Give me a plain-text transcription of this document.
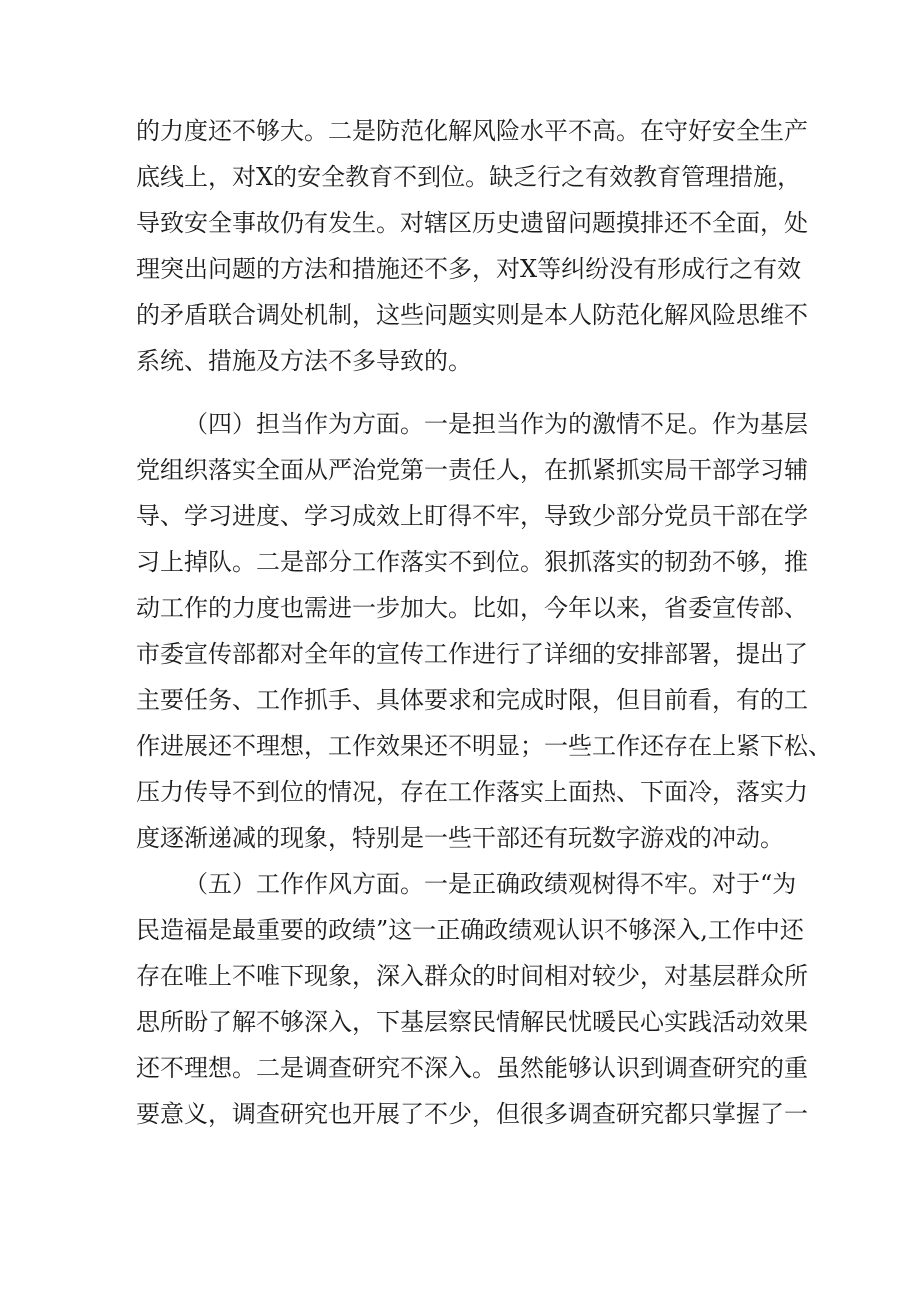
的力度还不够大。二是防范化解风险水平不高。在守好安全生产
底线上，对X的安全教育不到位。缺乏行之有效教育管理措施，
导致安全事故仍有发生。对辖区历史遗留问题摸排还不全面，处
理突出问题的方法和措施还不多，对X等纠纷没有形成行之有效
的矛盾联合调处机制，这些问题实则是本人防范化解风险思维不
系统、措施及方法不多导致的。
（四）担当作为方面。一是担当作为的激情不足。作为基层
党组织落实全面从严治党第一责任人，在抓紧抓实局干部学习辅
导、学习进度、学习成效上盯得不牢，导致少部分党员干部在学
习上掉队。二是部分工作落实不到位。狠抓落实的韧劲不够，推
动工作的力度也需进一步加大。比如，今年以来，省委宣传部、
市委宣传部都对全年的宣传工作进行了详细的安排部署，提出了
主要任务、工作抓手、具体要求和完成时限，但目前看，有的工
作进展还不理想，工作效果还不明显；一些工作还存在上紧下松、
压力传导不到位的情况，存在工作落实上面热、下面冷，落实力
度逐渐递减的现象，特别是一些干部还有玩数字游戏的冲动。
（五）工作作风方面。一是正确政绩观树得不牢。对于“为
民造福是最重要的政绩”这一正确政绩观认识不够深入,工作中还
存在唯上不唯下现象，深入群众的时间相对较少，对基层群众所
思所盼了解不够深入，下基层察民情解民忧暖民心实践活动效果
还不理想。二是调查研究不深入。虽然能够认识到调查研究的重
要意义，调查研究也开展了不少，但很多调查研究都只掌握了一
